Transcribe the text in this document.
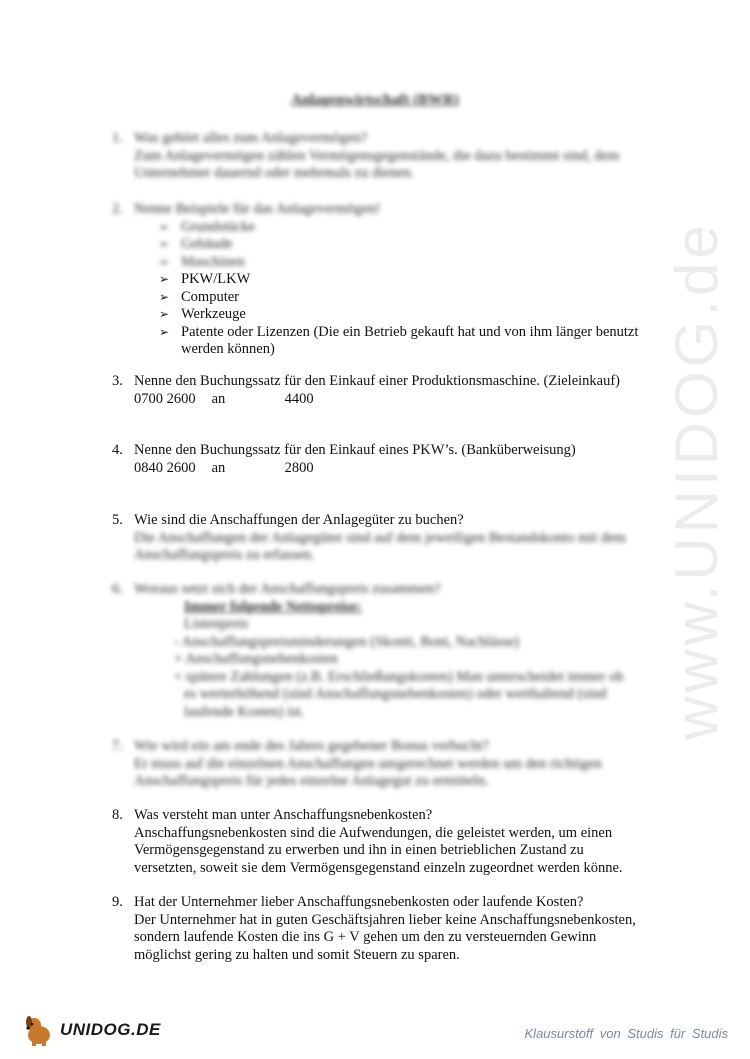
Anlagenwirtschaft (BWR)
1. Was gehört alles zum Anlagevermögen?
Zum Anlagevermögen zählen Vermögensgegenstände, die dazu bestimmt sind, dem
Unternehmer dauernd oder mehrmals zu dienen.
2. Nenne Beispiele für das Anlagevermögen!
➢ Grundstücke
➢ Gebäude
➢ Maschinen
➢ PKW/LKW
➢ Computer
➢ Werkzeuge
➢ Patente oder Lizenzen (Die ein Betrieb gekauft hat und von ihm länger benutzt
werden können)
3. Nenne den Buchungssatz für den Einkauf einer Produktionsmaschine. (Zieleinkauf)
0700 2600 an	4400
4. Nenne den Buchungssatz für den Einkauf eines PKW’s. (Banküberweisung)
0840 2600 an	2800
5. Wie sind die Anschaffungen der Anlagegüter zu buchen?
Die Anschaffungen der Anlagegüter sind auf dem jeweiligen Bestandskonto mit dem
Anschaffungspreis zu erfassen.
6. Woraus setzt sich der Anschaffungspreis zusammen?
Immer folgende Nettopreise:
Listenpreis
- Anschaffungspreisminderungen (Skonti, Boni, Nachlässe)
+ Anschaffungsnebenkosten
+ spätere Zahlungen (z.B. Erschließungskosten) Man unterscheidet immer ob
es werterhöhend (sind Anschaffungsnebenkosten) oder werthaltend (sind
laufende Kosten) ist.
7. Wie wird ein am ende des Jahres gegebener Bonus verbucht?
Er muss auf die einzelnen Anschaffungen umgerechnet werden um den richtigen
Anschaffungspreis für jedes einzelne Anlagegut zu ermitteln.
8. Was versteht man unter Anschaffungsnebenkosten?
Anschaffungsnebenkosten sind die Aufwendungen, die geleistet werden, um einen
Vermögensgegenstand zu erwerben und ihn in einen betrieblichen Zustand zu
versetzten, soweit sie dem Vermögensgegenstand einzeln zugeordnet werden könne.
9. Hat der Unternehmer lieber Anschaffungsnebenkosten oder laufende Kosten?
Der Unternehmer hat in guten Geschäftsjahren lieber keine Anschaffungsnebenkosten,
sondern laufende Kosten die ins G + V gehen um den zu versteuernden Gewinn
möglichst gering zu halten und somit Steuern zu sparen.
www.UNIDOG.de
UNIDOG.DE	Klausurstoff von Studis für Studis
